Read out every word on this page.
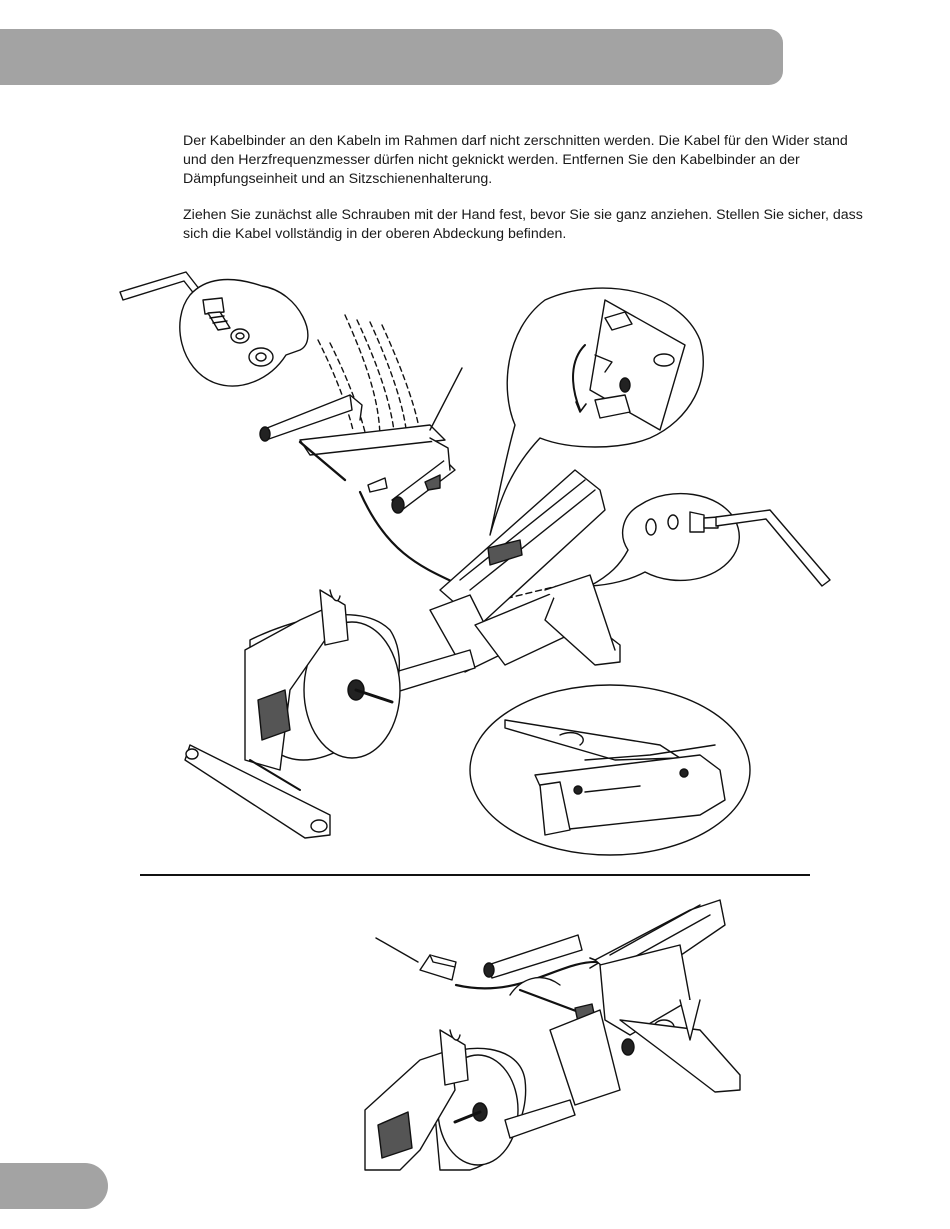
Der Kabelbinder an den Kabeln im Rahmen darf nicht zerschnitten werden. Die Kabel für den Wider stand und den Herzfrequenzmesser dürfen nicht geknickt werden. Entfernen Sie den Kabelbinder an der Dämpfungseinheit und an Sitzschienenhalterung.

Ziehen Sie zunächst alle Schrauben mit der Hand fest, bevor Sie sie ganz anziehen. Stellen Sie sicher, dass sich die Kabel vollständig in der oberen Abdeckung befinden.
